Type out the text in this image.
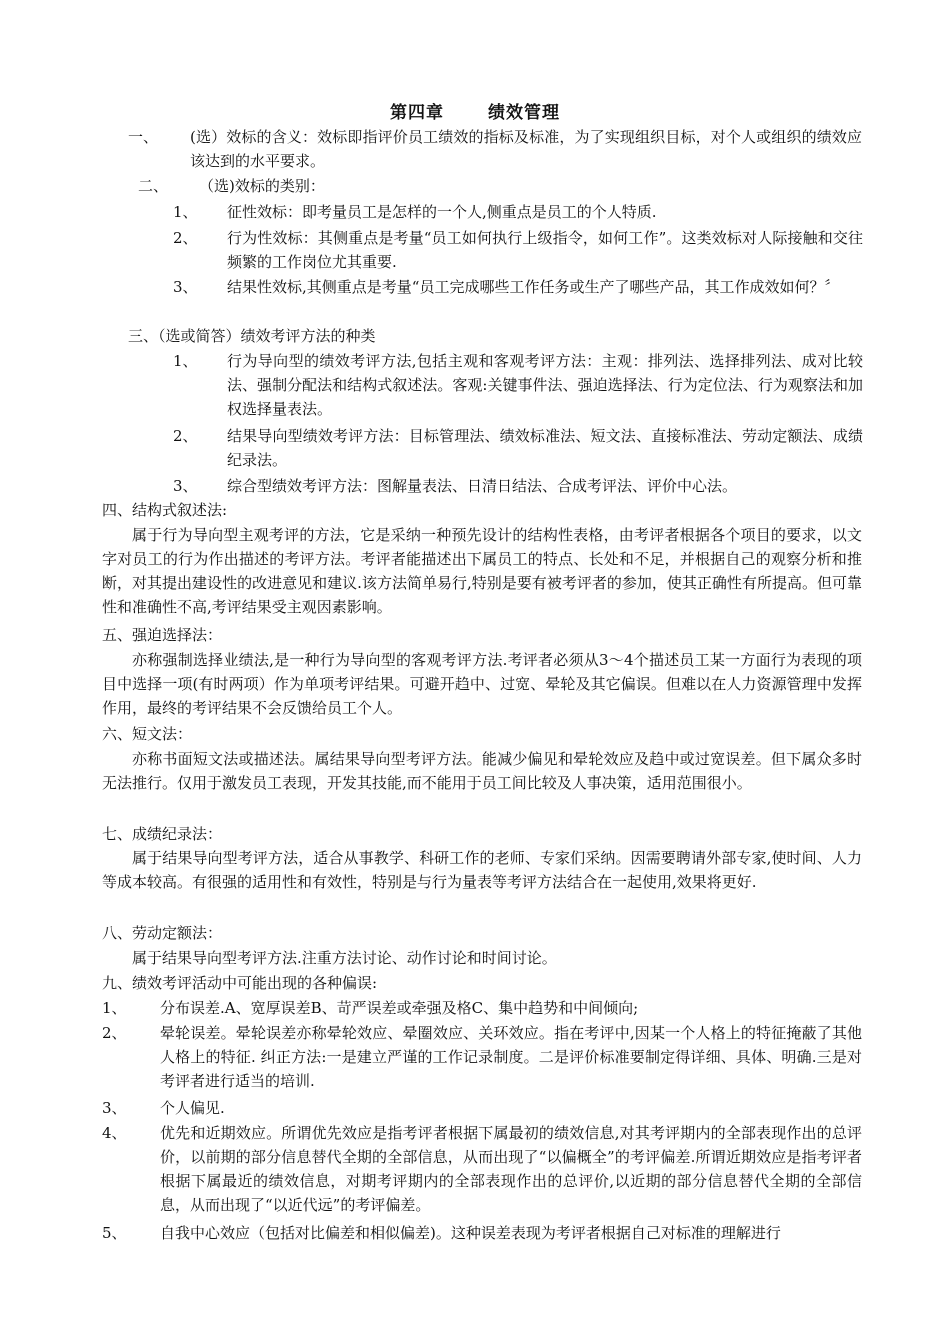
第四章	绩效管理
一、 (选）效标的含义：效标即指评价员工绩效的指标及标准，为了实现组织目标，对个人或组织的绩效应该达到的水平要求。
二、 （选)效标的类别：
1、 征性效标：即考量员工是怎样的一个人,侧重点是员工的个人特质.
2、 行为性效标：其侧重点是考量“员工如何执行上级指令，如何工作”。这类效标对人际接触和交往频繁的工作岗位尤其重要.
3、 结果性效标,其侧重点是考量“员工完成哪些工作任务或生产了哪些产品，其工作成效如何？〞
三、（选或简答）绩效考评方法的种类
1、 行为导向型的绩效考评方法,包括主观和客观考评方法：主观：排列法、选择排列法、成对比较法、强制分配法和结构式叙述法。客观:关键事件法、强迫选择法、行为定位法、行为观察法和加权选择量表法。
2、 结果导向型绩效考评方法：目标管理法、绩效标准法、短文法、直接标准法、劳动定额法、成绩纪录法。
3、 综合型绩效考评方法：图解量表法、日清日结法、合成考评法、评价中心法。
四、结构式叙述法:
属于行为导向型主观考评的方法，它是采纳一种预先设计的结构性表格，由考评者根据各个项目的要求，以文字对员工的行为作出描述的考评方法。考评者能描述出下属员工的特点、长处和不足，并根据自己的观察分析和推断，对其提出建设性的改进意见和建议.该方法简单易行,特别是要有被考评者的参加，使其正确性有所提高。但可靠性和准确性不高,考评结果受主观因素影响。
五、强迫选择法：
亦称强制选择业绩法,是一种行为导向型的客观考评方法.考评者必须从3～4个描述员工某一方面行为表现的项目中选择一项(有时两项）作为单项考评结果。可避开趋中、过宽、晕轮及其它偏误。但难以在人力资源管理中发挥作用，最终的考评结果不会反馈给员工个人。
六、短文法：
亦称书面短文法或描述法。属结果导向型考评方法。能减少偏见和晕轮效应及趋中或过宽误差。但下属众多时无法推行。仅用于激发员工表现，开发其技能,而不能用于员工间比较及人事决策，适用范围很小。
七、成绩纪录法：
属于结果导向型考评方法，适合从事教学、科研工作的老师、专家们采纳。因需要聘请外部专家,使时间、人力等成本较高。有很强的适用性和有效性，特别是与行为量表等考评方法结合在一起使用,效果将更好.
八、劳动定额法：
属于结果导向型考评方法.注重方法讨论、动作讨论和时间讨论。
九、绩效考评活动中可能出现的各种偏误:
1、 分布误差.A、宽厚误差B、苛严误差或牵强及格C、集中趋势和中间倾向;
2、 晕轮误差。晕轮误差亦称晕轮效应、晕圈效应、关环效应。指在考评中,因某一个人格上的特征掩蔽了其他人格上的特征. 纠正方法:一是建立严谨的工作记录制度。二是评价标准要制定得详细、具体、明确.三是对考评者进行适当的培训.
3、 个人偏见.
4、 优先和近期效应。所谓优先效应是指考评者根据下属最初的绩效信息,对其考评期内的全部表现作出的总评价，以前期的部分信息替代全期的全部信息，从而出现了“以偏概全”的考评偏差.所谓近期效应是指考评者根据下属最近的绩效信息，对期考评期内的全部表现作出的总评价,以近期的部分信息替代全期的全部信息，从而出现了“以近代远”的考评偏差。
5、 自我中心效应（包括对比偏差和相似偏差)。这种误差表现为考评者根据自己对标准的理解进行
